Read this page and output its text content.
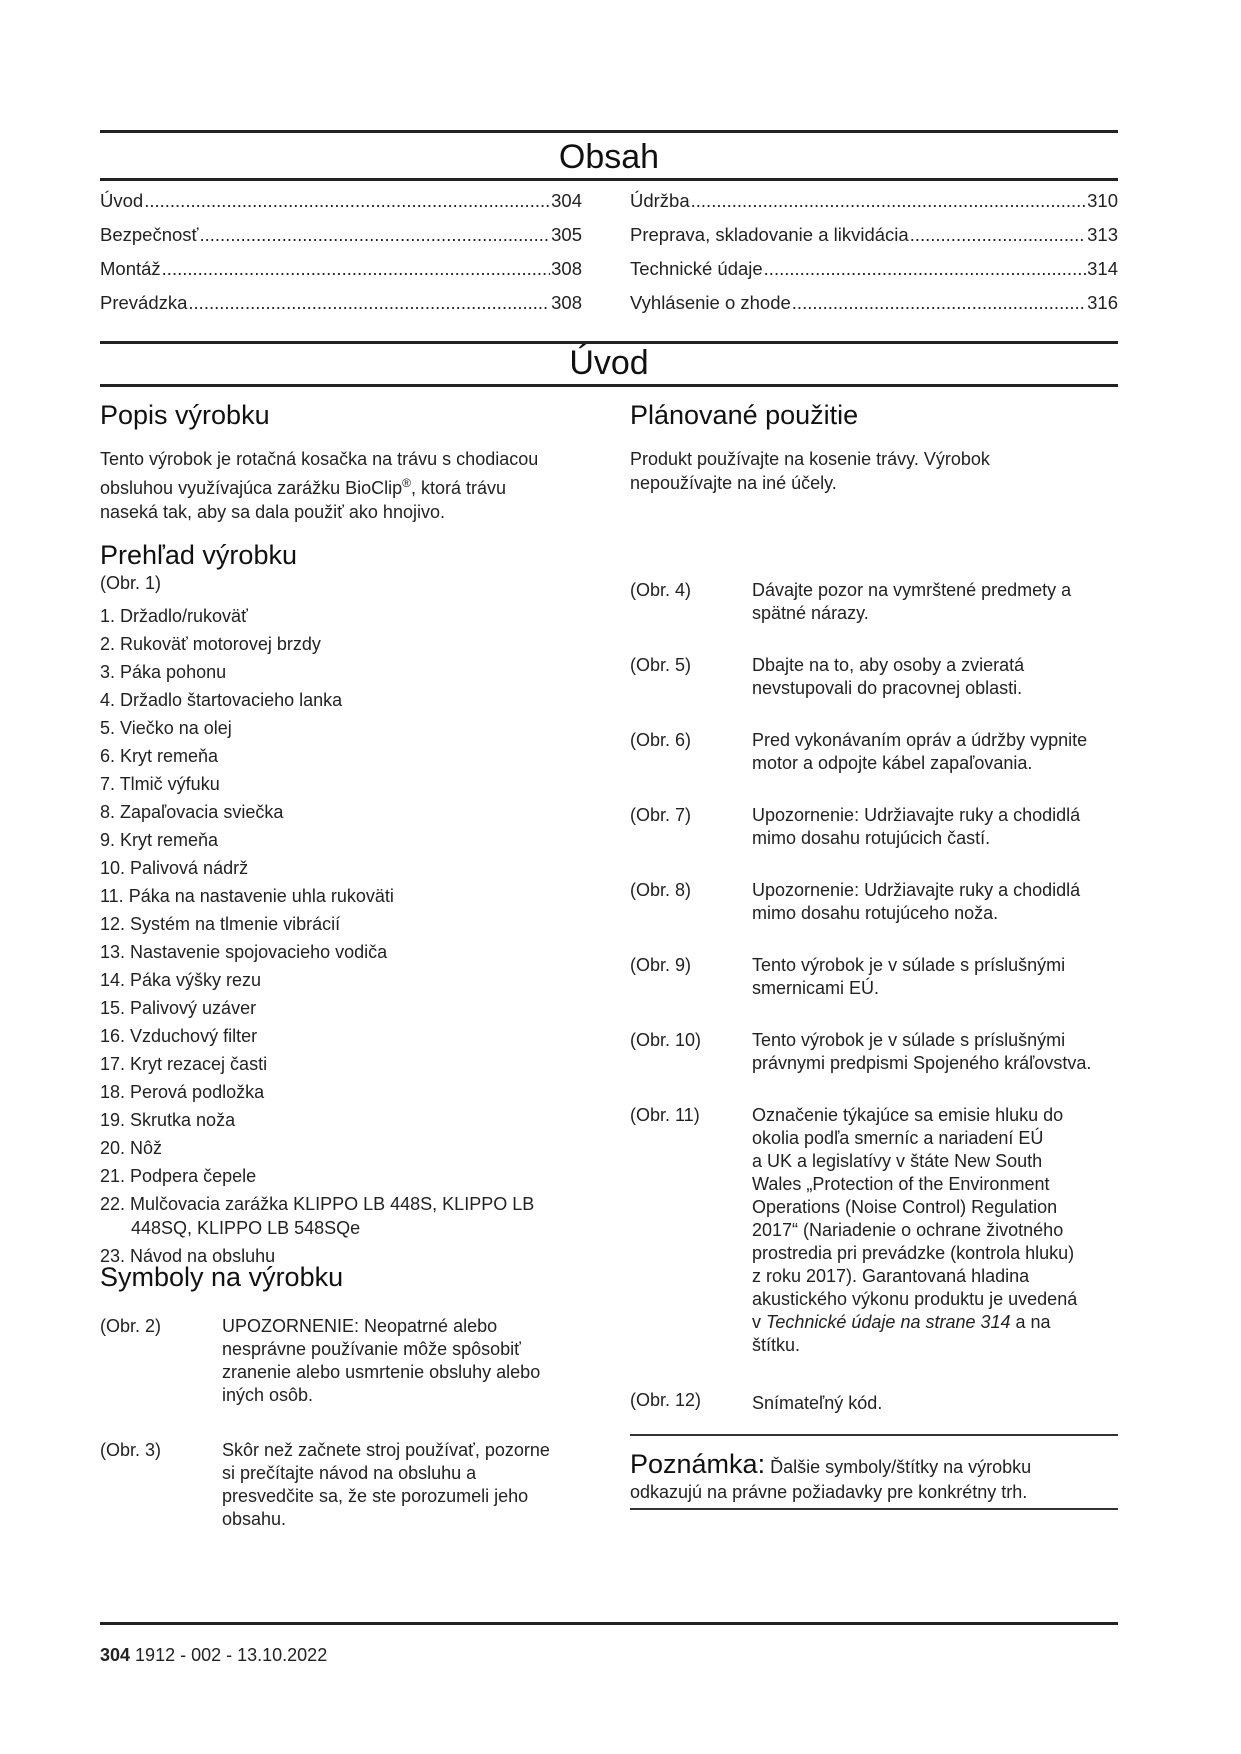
Obsah
Úvod .....	304
Bezpečnosť .....	305
Montáž .....	308
Prevádzka .....	308
Údržba .....	310
Preprava, skladovanie a likvidácia .....	313
Technické údaje .....	314
Vyhlásenie o zhode .....	316
Úvod
Popis výrobku
Tento výrobok je rotačná kosačka na trávu s chodiacou
obsluhou využívajúca zarážku BioClip®, ktorá trávu
naseká tak, aby sa dala použiť ako hnojivo.
Plánované použitie
Produkt používajte na kosenie trávy. Výrobok
nepoužívajte na iné účely.
Prehľad výrobku
(Obr. 1)
1. Držadlo/rukoväť
2. Rukoväť motorovej brzdy
3. Páka pohonu
4. Držadlo štartovacieho lanka
5. Viečko na olej
6. Kryt remeňa
7. Tlmič výfuku
8. Zapaľovacia sviečka
9. Kryt remeňa
10. Palivová nádrž
11. Páka na nastavenie uhla rukoväti
12. Systém na tlmenie vibrácií
13. Nastavenie spojovacieho vodiča
14. Páka výšky rezu
15. Palivový uzáver
16. Vzduchový filter
17. Kryt rezacej časti
18. Perová podložka
19. Skrutka noža
20. Nôž
21. Podpera čepele
22. Mulčovacia zarážka KLIPPO LB 448S, KLIPPO LB
448SQ, KLIPPO LB 548SQe
23. Návod na obsluhu
Symboly na výrobku
(Obr. 2)	UPOZORNENIE: Neopatrné alebo
nesprávne používanie môže spôsobiť
zranenie alebo usmrtenie obsluhy alebo
iných osôb.
(Obr. 3)	Skôr než začnete stroj používať, pozorne
si prečítajte návod na obsluhu a
presvedčite sa, že ste porozumeli jeho
obsahu.
(Obr. 4)	Dávajte pozor na vymrštené predmety a
spätné nárazy.
(Obr. 5)	Dbajte na to, aby osoby a zvieratá
nevstupovali do pracovnej oblasti.
(Obr. 6)	Pred vykonávaním opráv a údržby vypnite
motor a odpojte kábel zapaľovania.
(Obr. 7)	Upozornenie: Udržiavajte ruky a chodidlá
mimo dosahu rotujúcich častí.
(Obr. 8)	Upozornenie: Udržiavajte ruky a chodidlá
mimo dosahu rotujúceho noža.
(Obr. 9)	Tento výrobok je v súlade s príslušnými
smernicami EÚ.
(Obr. 10)	Tento výrobok je v súlade s príslušnými
právnymi predpismi Spojeného kráľovstva.
(Obr. 11)	Označenie týkajúce sa emisie hluku do
okolia podľa smerníc a nariadení EÚ
a UK a legislatívy v štáte New South
Wales „Protection of the Environment
Operations (Noise Control) Regulation
2017“ (Nariadenie o ochrane životného
prostredia pri prevádzke (kontrola hluku)
z roku 2017). Garantovaná hladina
akustického výkonu produktu je uvedená
v Technické údaje na strane 314 a na
štítku.
(Obr. 12)	Snímateľný kód.
Poznámka: Ďalšie symboly/štítky na výrobku
odkazujú na právne požiadavky pre konkrétny trh.
304 1912 - 002 - 13.10.2022
